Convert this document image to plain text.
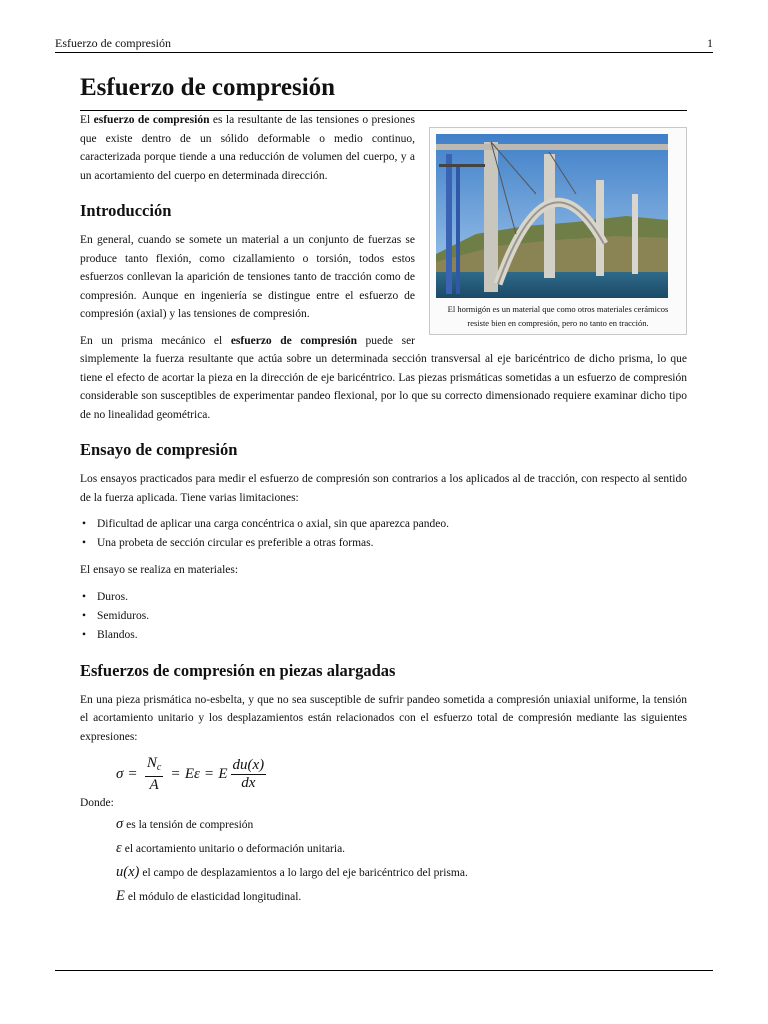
Esfuerzo de compresión	1
Esfuerzo de compresión
El hormigón es un material que como otros materiales cerámicos resiste bien en compresión, pero no tanto en tracción.

El esfuerzo de compresión es la resultante de las tensiones o presiones que existe dentro de un sólido deformable o medio continuo, caracterizada porque tiende a una reducción de volumen del cuerpo, y a un acortamiento del cuerpo en determinada dirección.

Introducción

En general, cuando se somete un material a un conjunto de fuerzas se produce tanto flexión, como cizallamiento o torsión, todos estos esfuerzos conllevan la aparición de tensiones tanto de tracción como de compresión. Aunque en ingeniería se distingue entre el esfuerzo de compresión (axial) y las tensiones de compresión.

En un prisma mecánico el esfuerzo de compresión puede ser simplemente la fuerza resultante que actúa sobre un determinada sección transversal al eje baricéntrico de dicho prisma, lo que tiene el efecto de acortar la pieza en la dirección de eje baricéntrico. Las piezas prismáticas sometidas a un esfuerzo de compresión considerable son susceptibles de experimentar pandeo flexional, por lo que su correcto dimensionado requiere examinar dicho tipo de no linealidad geométrica.

Ensayo de compresión

Los ensayos practicados para medir el esfuerzo de compresión son contrarios a los aplicados al de tracción, con respecto al sentido de la fuerza aplicada. Tiene varias limitaciones:

• Dificultad de aplicar una carga concéntrica o axial, sin que aparezca pandeo.
• Una probeta de sección circular es preferible a otras formas.

El ensayo se realiza en materiales:

• Duros.
• Semiduros.
• Blandos.
Esfuerzos de compresión en piezas alargadas

En una pieza prismática no-esbelta, y que no sea susceptible de sufrir pandeo sometida a compresión uniaxial uniforme, la tensión el acortamiento unitario y los desplazamientos están relacionados con el esfuerzo total de compresión mediante las siguientes expresiones:

$\sigma = \frac{N_c}{A} = E\varepsilon = E \frac{du(x)}{dx}$
Donde:
σ es la tensión de compresión
ε el acortamiento unitario o deformación unitaria.
u(x) el campo de desplazamientos a lo largo del eje baricéntrico del prisma.
E el módulo de elasticidad longitudinal.
